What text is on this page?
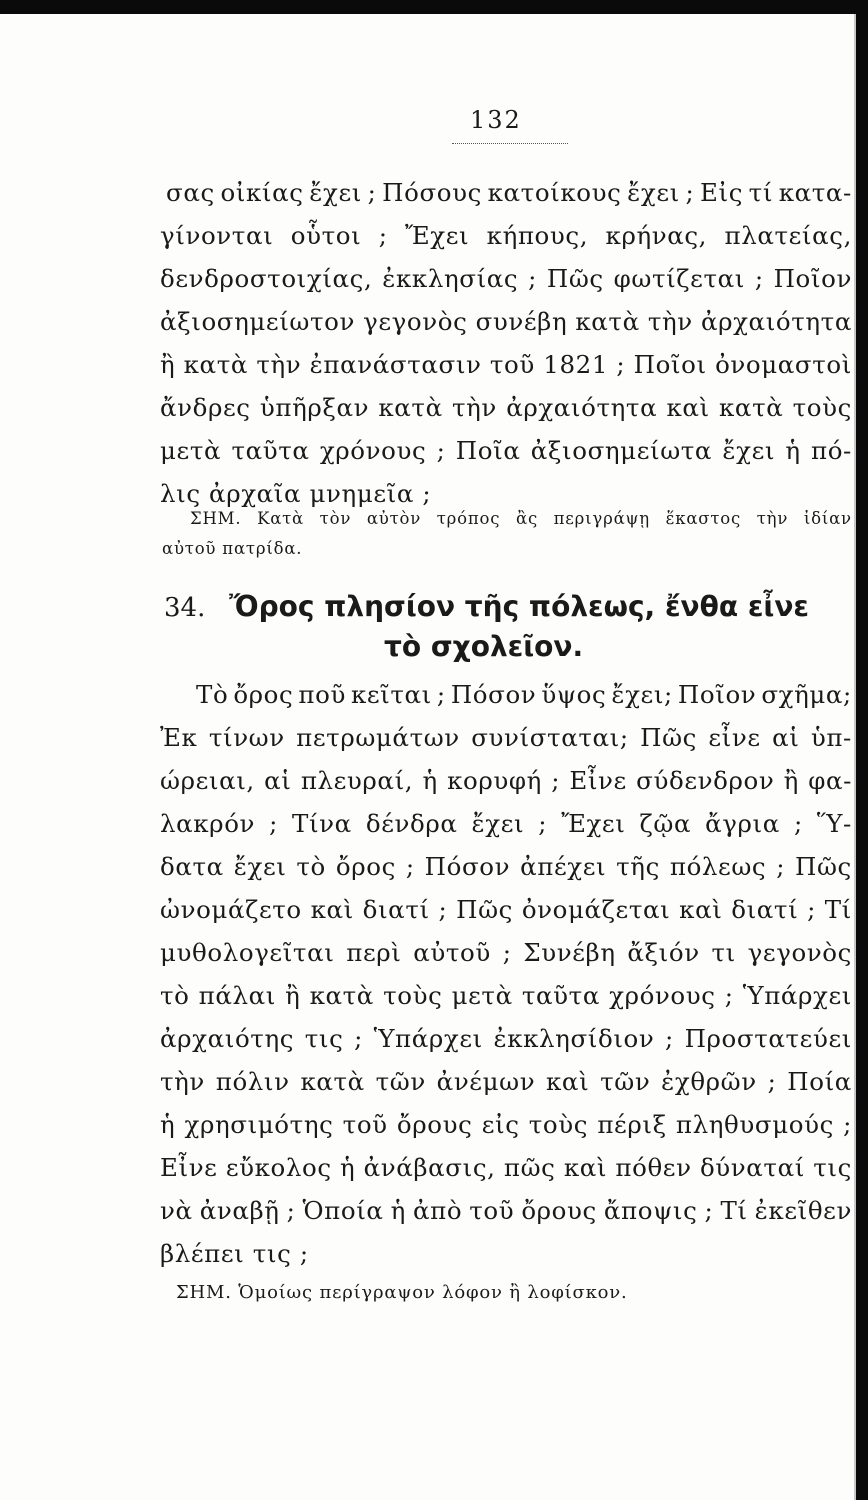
132
σας οἰκίας ἔχει ; Πόσους κατοίκους ἔχει ; Εἰς τί κατα-
γίνονται οὗτοι ; Ἔχει κήπους, κρήνας, πλατείας,
δενδροστοιχίας, ἐκκλησίας ; Πῶς φωτίζεται ; Ποῖον
ἀξιοσημείωτον γεγονὸς συνέβη κατὰ τὴν ἀρχαιότητα
ἢ κατὰ τὴν ἐπανάστασιν τοῦ 1821 ; Ποῖοι ὀνομαστοὶ
ἄνδρες ὑπῆρξαν κατὰ τὴν ἀρχαιότητα καὶ κατὰ τοὺς
μετὰ ταῦτα χρόνους ; Ποῖα ἀξιοσημείωτα ἔχει ἡ πό-
λις ἀρχαῖα μνημεῖα ;
ΣΗΜ. Κατὰ τὸν αὐτὸν τρόπος ἂς περιγράψῃ ἕκαστος τὴν ἰδίαν
αὐτοῦ πατρίδα.
34. Ὄρος πλησίον τῆς πόλεως, ἔνθα εἶνε
τὸ σχολεῖον.
Τὸ ὄρος ποῦ κεῖται ; Πόσον ὕψος ἔχει; Ποῖον σχῆμα;
Ἐκ τίνων πετρωμάτων συνίσταται; Πῶς εἶνε αἱ ὑπ-
ώρειαι, αἱ πλευραί, ἡ κορυφή ; Εἶνε σύδενδρον ἢ φα-
λακρόν ; Τίνα δένδρα ἔχει ; Ἔχει ζῷα ἄγρια ; Ὕ-
δατα ἔχει τὸ ὄρος ; Πόσον ἀπέχει τῆς πόλεως ; Πῶς
ὠνομάζετο καὶ διατί ; Πῶς ὀνομάζεται καὶ διατί ; Τί
μυθολογεῖται περὶ αὐτοῦ ; Συνέβη ἄξιόν τι γεγονὸς
τὸ πάλαι ἢ κατὰ τοὺς μετὰ ταῦτα χρόνους ; Ὑπάρχει
ἀρχαιότης τις ; Ὑπάρχει ἐκκλησίδιον ; Προστατεύει
τὴν πόλιν κατὰ τῶν ἀνέμων καὶ τῶν ἐχθρῶν ; Ποία
ἡ χρησιμότης τοῦ ὄρους εἰς τοὺς πέριξ πληθυσμούς ;
Εἶνε εὔκολος ἡ ἀνάβασις, πῶς καὶ πόθεν δύναταί τις
νὰ ἀναβῇ ; Ὁποία ἡ ἀπὸ τοῦ ὄρους ἄποψις ; Τί ἐκεῖθεν
βλέπει τις ;
ΣΗΜ. Ὁμοίως περίγραψον λόφον ἢ λοφίσκον.
